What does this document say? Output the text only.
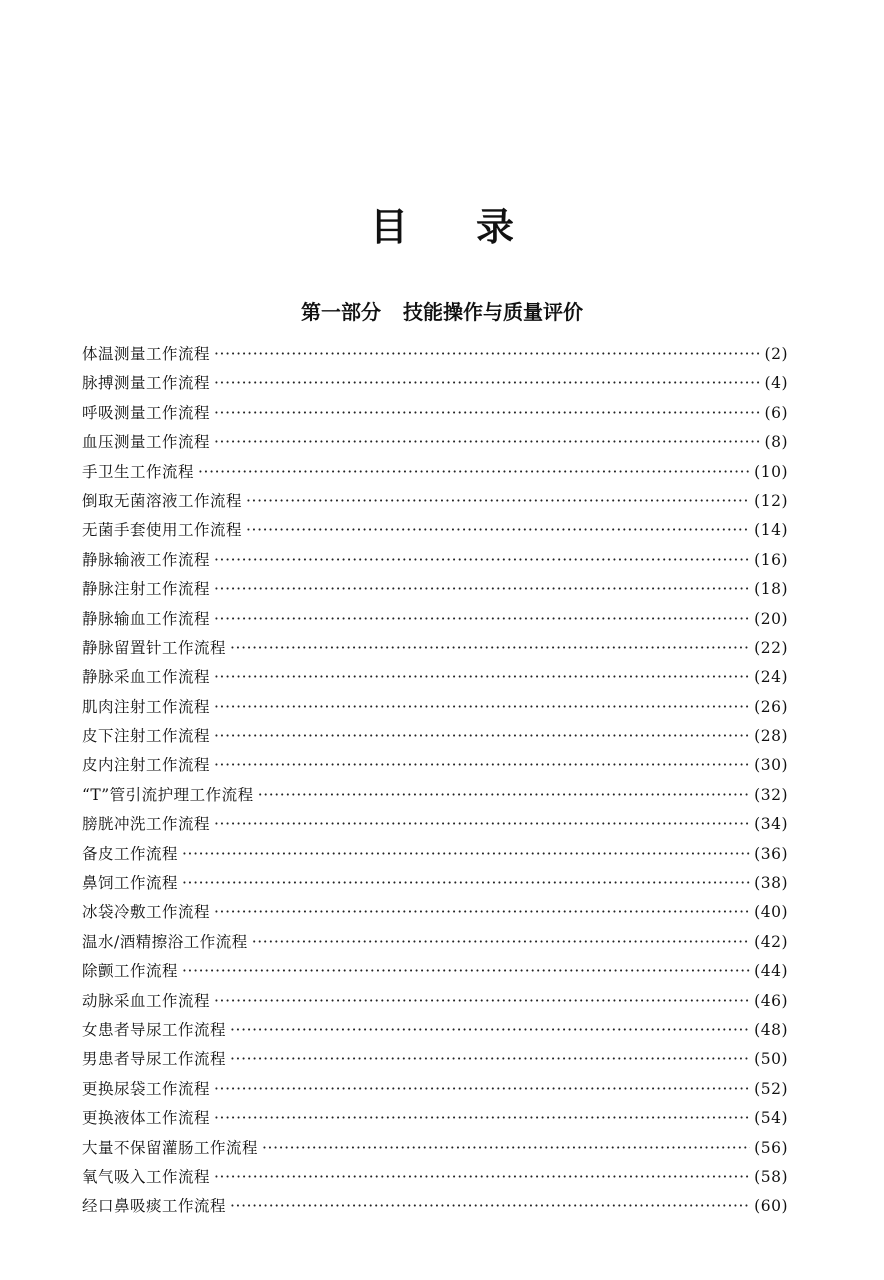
目 录
第一部分 技能操作与质量评价
体温测量工作流程 ·····	(2)
脉搏测量工作流程 ·····	(4)
呼吸测量工作流程 ·····	(6)
血压测量工作流程 ·····	(8)
手卫生工作流程 ·····	(10)
倒取无菌溶液工作流程 ·····	(12)
无菌手套使用工作流程 ·····	(14)
静脉输液工作流程 ·····	(16)
静脉注射工作流程 ·····	(18)
静脉输血工作流程 ·····	(20)
静脉留置针工作流程 ·····	(22)
静脉采血工作流程 ·····	(24)
肌肉注射工作流程 ·····	(26)
皮下注射工作流程 ·····	(28)
皮内注射工作流程 ·····	(30)
“T”管引流护理工作流程 ·····	(32)
膀胱冲洗工作流程 ·····	(34)
备皮工作流程 ·····	(36)
鼻饲工作流程 ·····	(38)
冰袋冷敷工作流程 ·····	(40)
温水/酒精擦浴工作流程 ·····	(42)
除颤工作流程 ·····	(44)
动脉采血工作流程 ·····	(46)
女患者导尿工作流程 ·····	(48)
男患者导尿工作流程 ·····	(50)
更换尿袋工作流程 ·····	(52)
更换液体工作流程 ·····	(54)
大量不保留灌肠工作流程 ·····	(56)
氧气吸入工作流程 ·····	(58)
经口鼻吸痰工作流程 ·····	(60)
